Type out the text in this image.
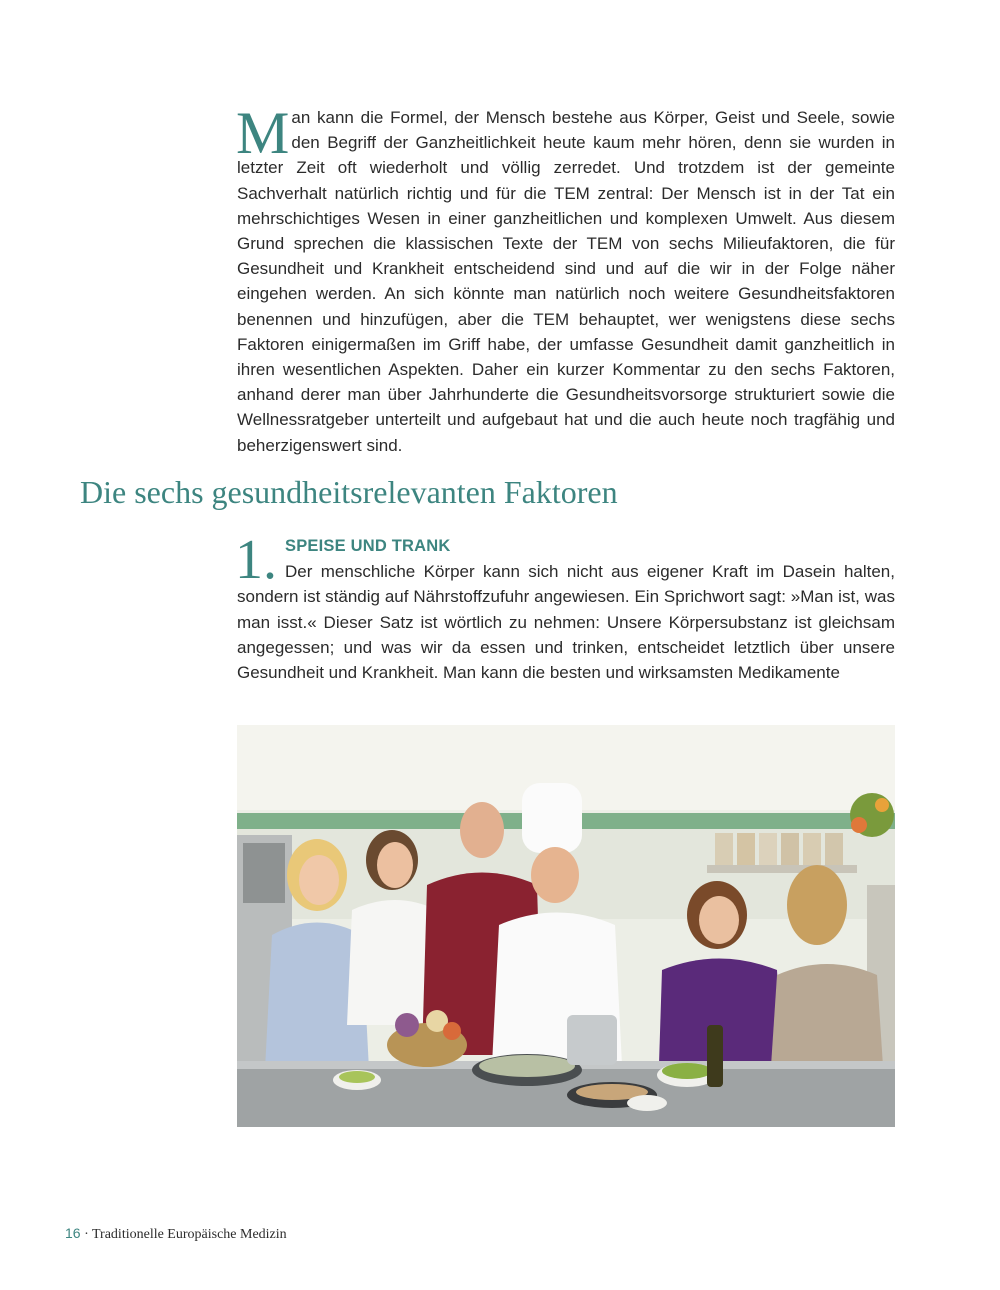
Man kann die Formel, der Mensch bestehe aus Körper, Geist und Seele, sowie den Begriff der Ganzheitlichkeit heute kaum mehr hören, denn sie wurden in letzter Zeit oft wiederholt und völlig zerredet. Und trotzdem ist der gemeinte Sachverhalt natürlich richtig und für die TEM zentral: Der Mensch ist in der Tat ein mehrschichtiges Wesen in einer ganzheitlichen und komplexen Umwelt. Aus diesem Grund sprechen die klassischen Texte der TEM von sechs Milieufaktoren, die für Gesundheit und Krankheit entscheidend sind und auf die wir in der Folge näher eingehen werden. An sich könnte man natürlich noch weitere Gesundheitsfaktoren benennen und hinzufügen, aber die TEM behauptet, wer wenigstens diese sechs Faktoren einigermaßen im Griff habe, der umfasse Gesundheit damit ganzheitlich in ihren wesentlichen Aspekten. Daher ein kurzer Kommentar zu den sechs Faktoren, anhand derer man über Jahrhunderte die Gesundheitsvorsorge strukturiert sowie die Wellnessratgeber unterteilt und aufgebaut hat und die auch heute noch tragfähig und beherzigenswert sind.

Die sechs gesundheitsrelevanten Faktoren

1. SPEISE UND TRANK
Der menschliche Körper kann sich nicht aus eigener Kraft im Dasein halten, sondern ist ständig auf Nährstoffzufuhr angewiesen. Ein Sprichwort sagt: »Man ist, was man isst.« Dieser Satz ist wörtlich zu nehmen: Unsere Körpersubstanz ist gleichsam angegessen; und was wir da essen und trinken, entscheidet letztlich über unsere Gesundheit und Krankheit. Man kann die besten und wirksamsten Medikamente

16 · Traditionelle Europäische Medizin
